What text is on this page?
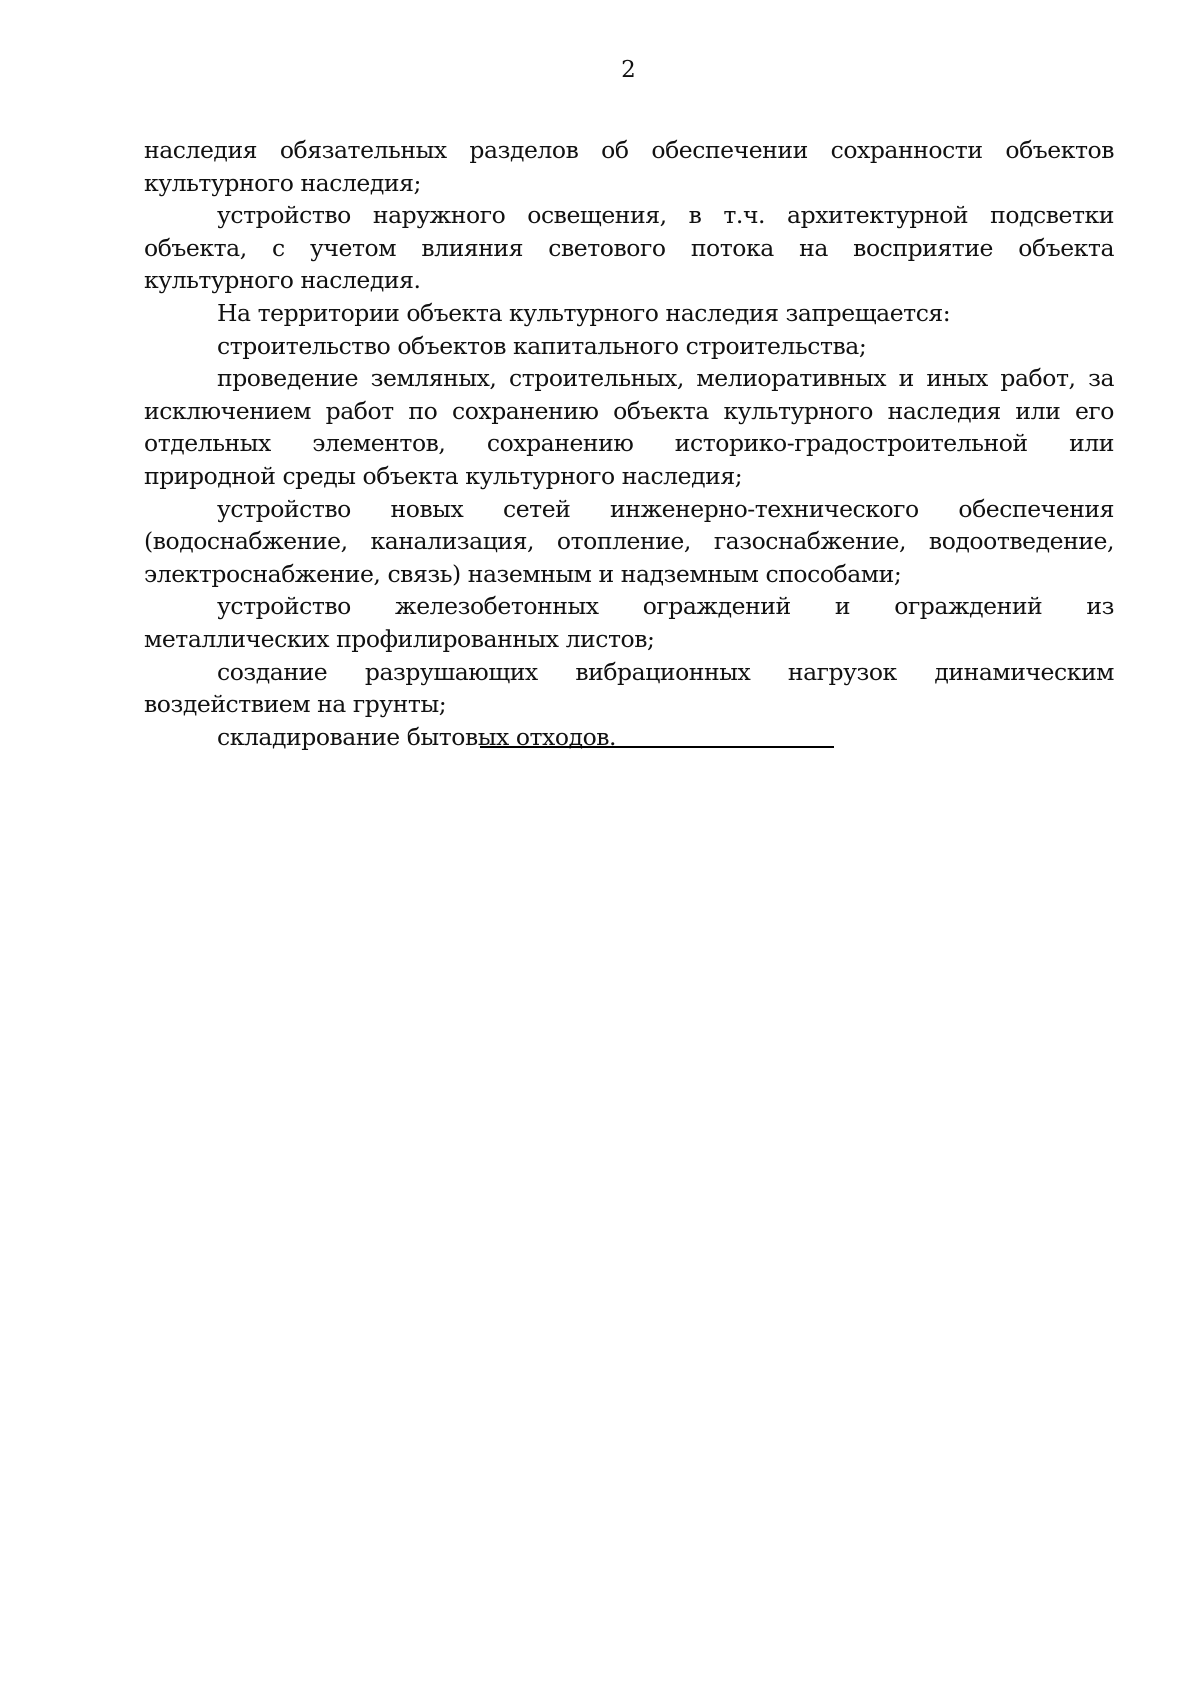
2

наследия обязательных разделов об обеспечении сохранности объектов культурного наследия;

устройство наружного освещения, в т.ч. архитектурной подсветки объекта, с учетом влияния светового потока на восприятие объекта культурного наследия.

На территории объекта культурного наследия запрещается:

строительство объектов капитального строительства;

проведение земляных, строительных, мелиоративных и иных работ, за исключением работ по сохранению объекта культурного наследия или его отдельных элементов, сохранению историко-градостроительной или природной среды объекта культурного наследия;

устройство новых сетей инженерно-технического обеспечения (водоснабжение, канализация, отопление, газоснабжение, водоотведение, электроснабжение, связь) наземным и надземным способами;

устройство железобетонных ограждений и ограждений из металлических профилированных листов;

создание разрушающих вибрационных нагрузок динамическим воздействием на грунты;

складирование бытовых отходов.
